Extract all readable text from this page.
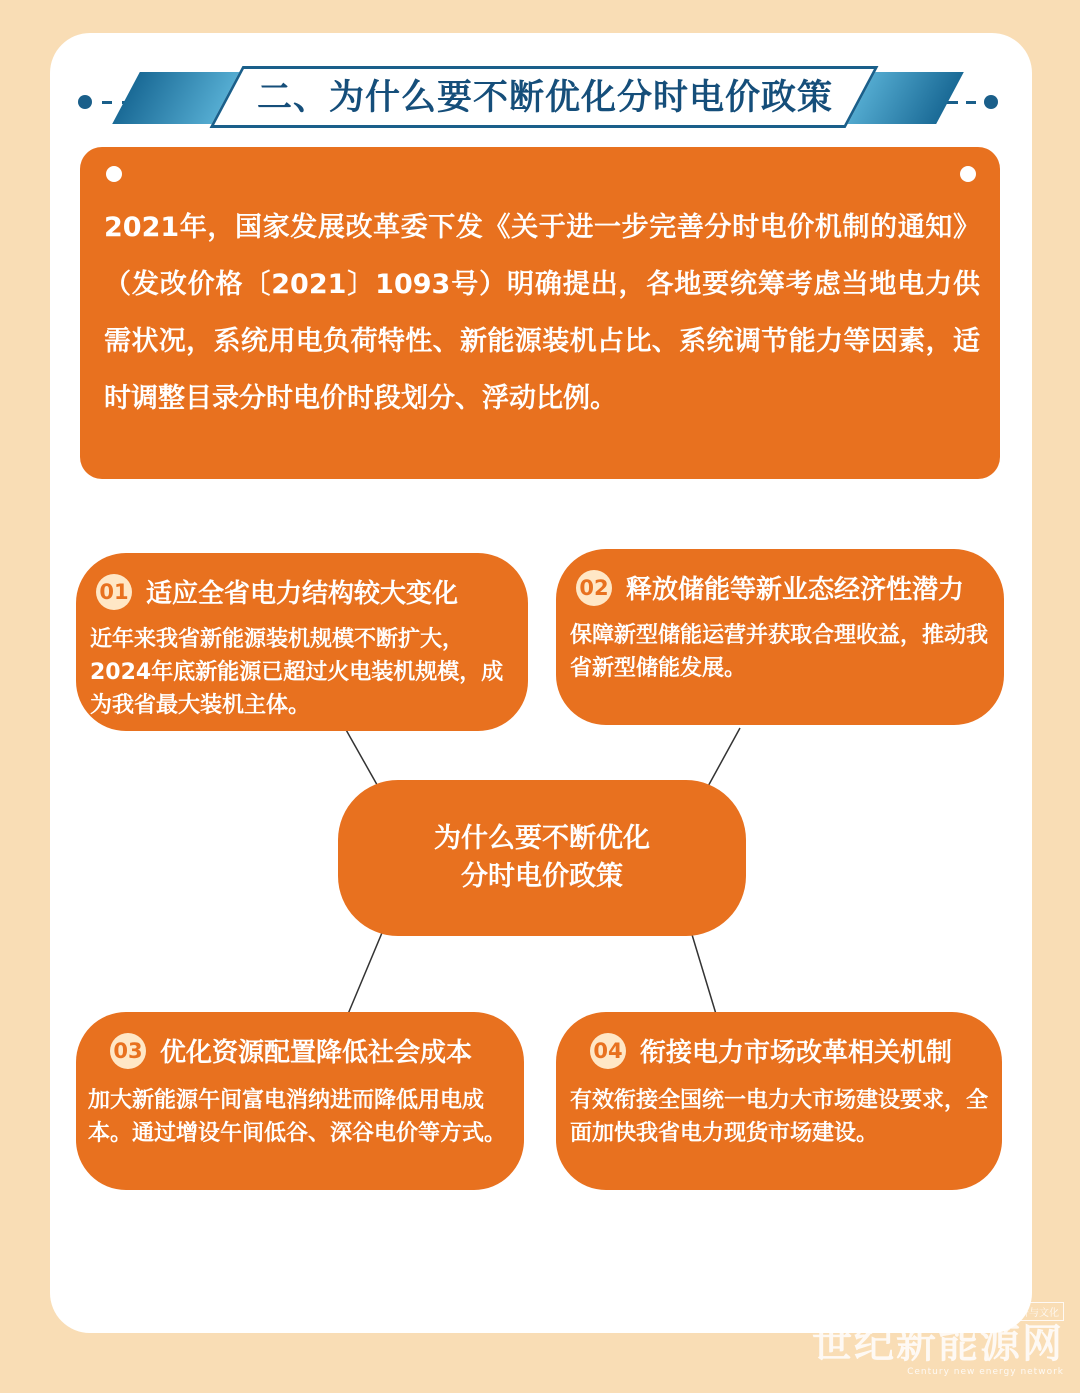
二、为什么要不断优化分时电价政策
2021年，国家发展改革委下发《关于进一步完善分时电价机制的通知》（发改价格〔2021〕1093号）明确提出，各地要统筹考虑当地电力供需状况，系统用电负荷特性、新能源装机占比、系统调节能力等因素，适时调整目录分时电价时段划分、浮动比例。
01 适应全省电力结构较大变化
近年来我省新能源装机规模不断扩大，2024年底新能源已超过火电装机规模，成为我省最大装机主体。
02 释放储能等新业态经济性潜力
保障新型储能运营并获取合理收益，推动我省新型储能发展。
为什么要不断优化
分时电价政策
03 优化资源配置降低社会成本
加大新能源午间富电消纳进而降低用电成本。通过增设午间低谷、深谷电价等方式。
04 衔接电力市场改革相关机制
有效衔接全国统一电力大市场建设要求，全面加快我省电力现货市场建设。
聚焦绿色能源发展经济与文化
世纪新能源网
Century new energy network
